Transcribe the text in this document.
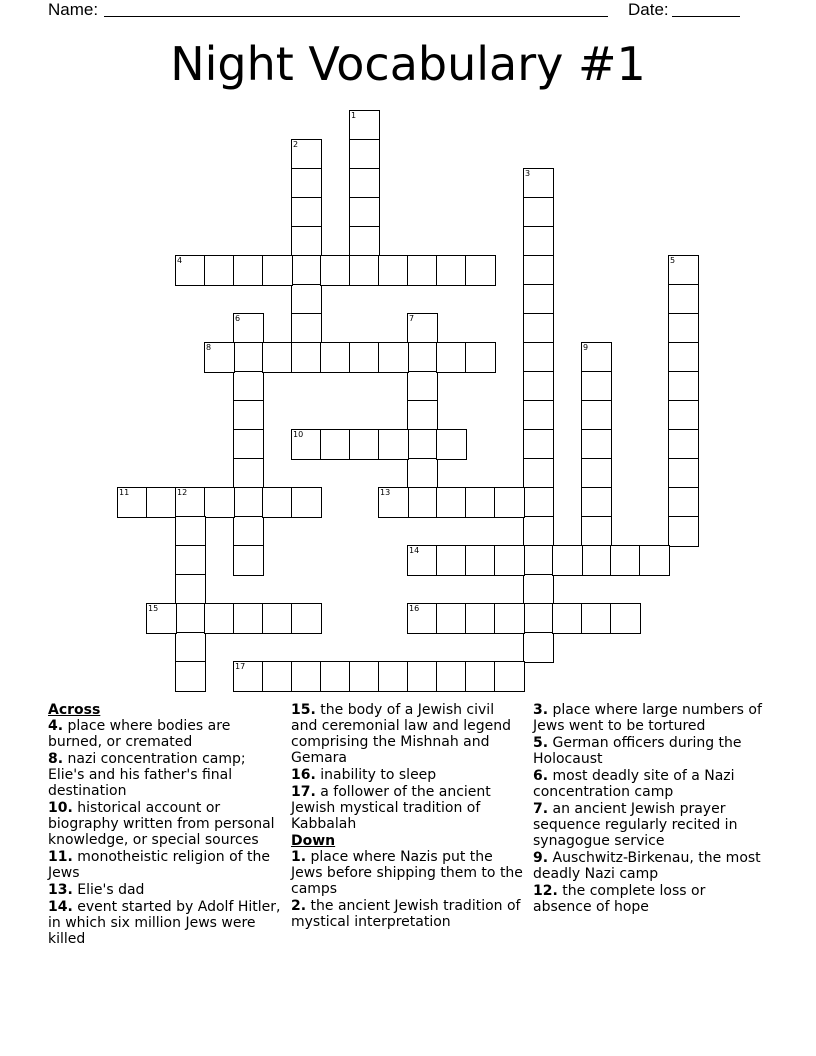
Name:	Date:
Night Vocabulary #1
1
2
3
4	5
6	7
8	9
10
11	12	13
14
15	16
17
Across
4. place where bodies are burned, or cremated
8. nazi concentration camp; Elie's and his father's final destination
10. historical account or biography written from personal knowledge, or special sources
11. monotheistic religion of the Jews
13. Elie's dad
14. event started by Adolf Hitler, in which six million Jews were killed
15. the body of a Jewish civil and ceremonial law and legend comprising the Mishnah and Gemara
16. inability to sleep
17. a follower of the ancient Jewish mystical tradition of Kabbalah
Down
1. place where Nazis put the Jews before shipping them to the camps
2. the ancient Jewish tradition of mystical interpretation
3. place where large numbers of Jews went to be tortured
5. German officers during the Holocaust
6. most deadly site of a Nazi concentration camp
7. an ancient Jewish prayer sequence regularly recited in synagogue service
9. Auschwitz-Birkenau, the most deadly Nazi camp
12. the complete loss or absence of hope
